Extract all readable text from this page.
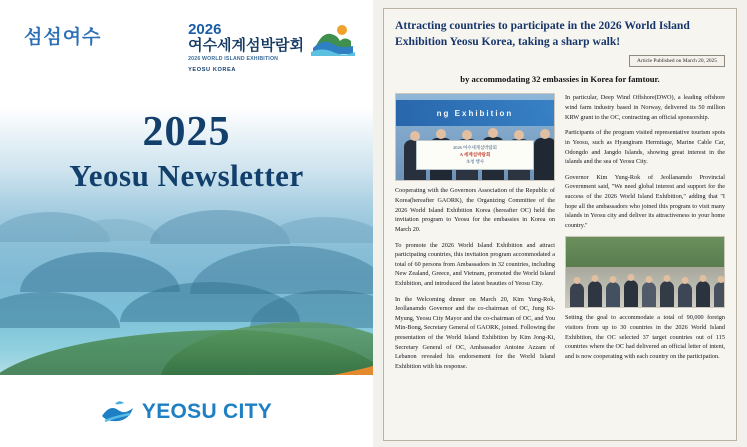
섬섬여수	2026
여수세계섬박람회
2026 WORLD ISLAND EXHIBITION
YEOSU KOREA
2025
Yeosu Newsletter
YEOSU CITY
Attracting countries to participate in the 2026 World Island Exhibition Yeosu Korea, taking a sharp walk!
Article Published on March 20, 2025
by accommodating 32 embassies in Korea for famtour.
ng Exhibition
2026 여수세계섬박람회
A 세계섬박람회
초청 행사

Cooperating with the Governors Association of the Republic of Korea(hereafter GAORK), the Organizing Committee of the 2026 World Island Exhibition Korea (hereafter OC) held the invitation program to Yeosu for the embassies in Korea on March 20.

To promote the 2026 World Island Exhibition and attract participating countries, this invitation program accommodated a total of 60 persons from Ambassadors in 32 countries, including New Zealand, Greece, and Vietnam, promoted the World Island Exhibition, and introduced the latest beauties of Yeosu City.

In the Welcoming dinner on March 20, Kim Yung-Rok, Jeollanamdo Governor and the co-chairman of OC, Jung Ki-Myung, Yeosu City Mayor and the co-chairman of OC, and You Min-Bong, Secretary General of GAORK, joined. Following the presentation of the World Island Exhibition by Kim Jong-Ki, Secretary General of OC, Ambassador Antoine Azzam of Lebanon revealed his endorsement for the World Island Exhibition with his response.

In particular, Deep Wind Offshore(DWO), a leading offshore wind farm industry based in Norway, delivered its 50 million KRW grant to the OC, contracting an official sponsorship.

Participants of the program visited representative tourism spots in Yeosu, such as Hyangiram Hermitage, Marine Cable Car, Odongdo and Jangdo Islands, showing great interest in the islands and the sea of Yeosu City.

Governor Kim Yung-Rok of Jeollanamdo Provincial Government said, "We need global interest and support for the success of the 2026 World Island Exhibition," adding that "I hope all the ambassadors who joined this program to visit many islands in Yeosu city and deliver its attractiveness to your home country."

Setting the goal to accommodate a total of 90,000 foreign visitors from up to 30 countries in the 2026 World Island Exhibition, the OC selected 37 target countries out of 115 countries where the OC had delivered an official letter of intent, and is now cooperating with each country on the participation.
